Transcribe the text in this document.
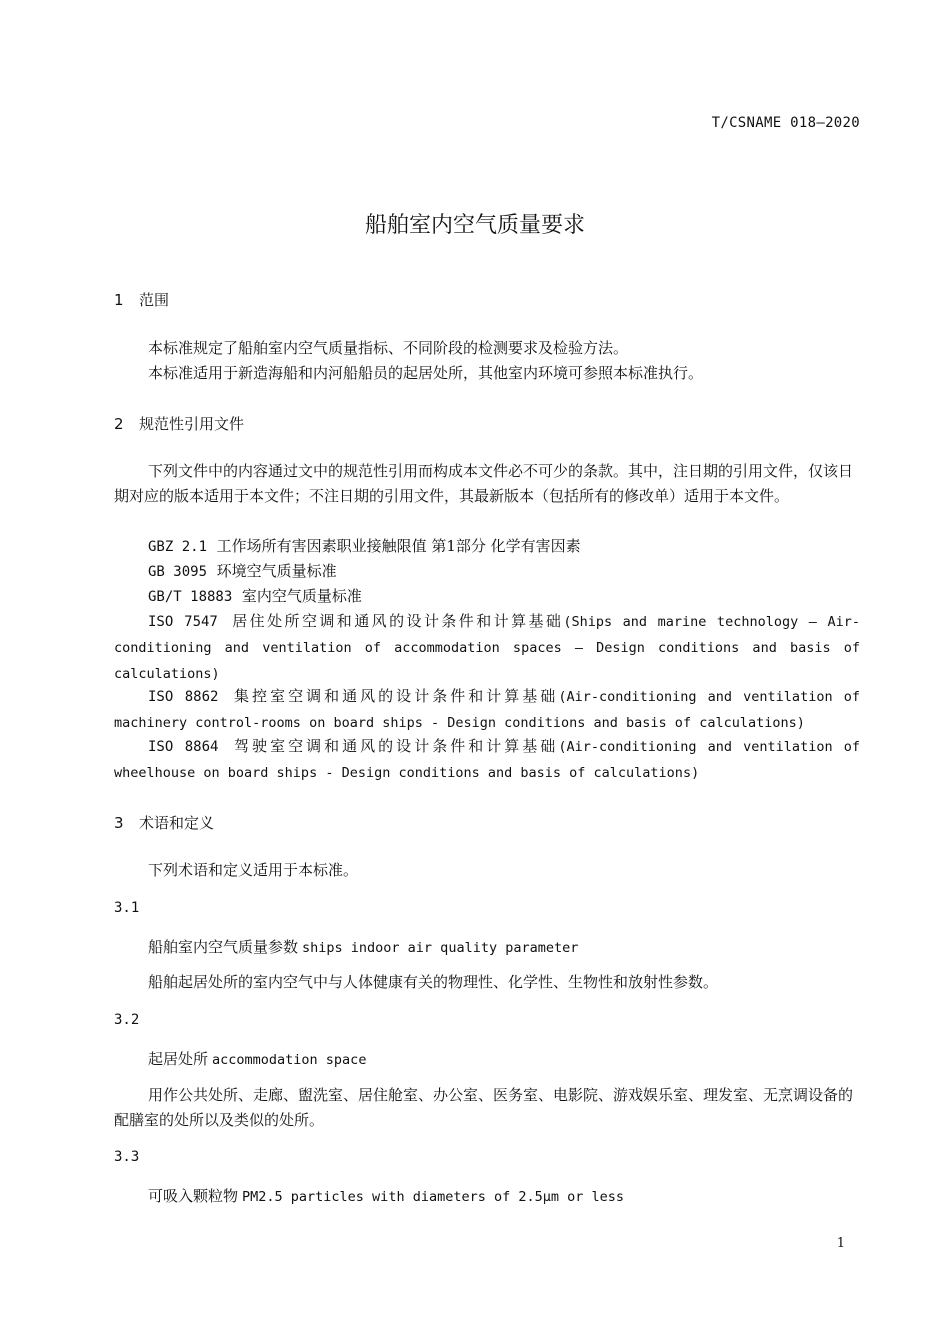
T/CSNAME 018—2020
船舶室内空气质量要求
1 范围
本标准规定了船舶室内空气质量指标、不同阶段的检测要求及检验方法。
本标准适用于新造海船和内河船船员的起居处所，其他室内环境可参照本标准执行。
2 规范性引用文件
下列文件中的内容通过文中的规范性引用而构成本文件必不可少的条款。其中，注日期的引用文件，仅该日期对应的版本适用于本文件；不注日期的引用文件，其最新版本（包括所有的修改单）适用于本文件。
GBZ 2.1 工作场所有害因素职业接触限值 第1部分 化学有害因素
GB 3095 环境空气质量标准
GB/T 18883 室内空气质量标准
ISO 7547 居住处所空调和通风的设计条件和计算基础(Ships and marine technology — Air-conditioning and ventilation of accommodation spaces — Design conditions and basis of calculations)
ISO 8862 集控室空调和通风的设计条件和计算基础(Air-conditioning and ventilation of machinery control-rooms on board ships - Design conditions and basis of calculations)
ISO 8864 驾驶室空调和通风的设计条件和计算基础(Air-conditioning and ventilation of wheelhouse on board ships - Design conditions and basis of calculations)
3 术语和定义
下列术语和定义适用于本标准。
3.1
船舶室内空气质量参数 ships indoor air quality parameter
船舶起居处所的室内空气中与人体健康有关的物理性、化学性、生物性和放射性参数。
3.2
起居处所 accommodation space
用作公共处所、走廊、盥洗室、居住舱室、办公室、医务室、电影院、游戏娱乐室、理发室、无烹调设备的配膳室的处所以及类似的处所。
3.3
可吸入颗粒物 PM2.5 particles with diameters of 2.5μm or less
1
